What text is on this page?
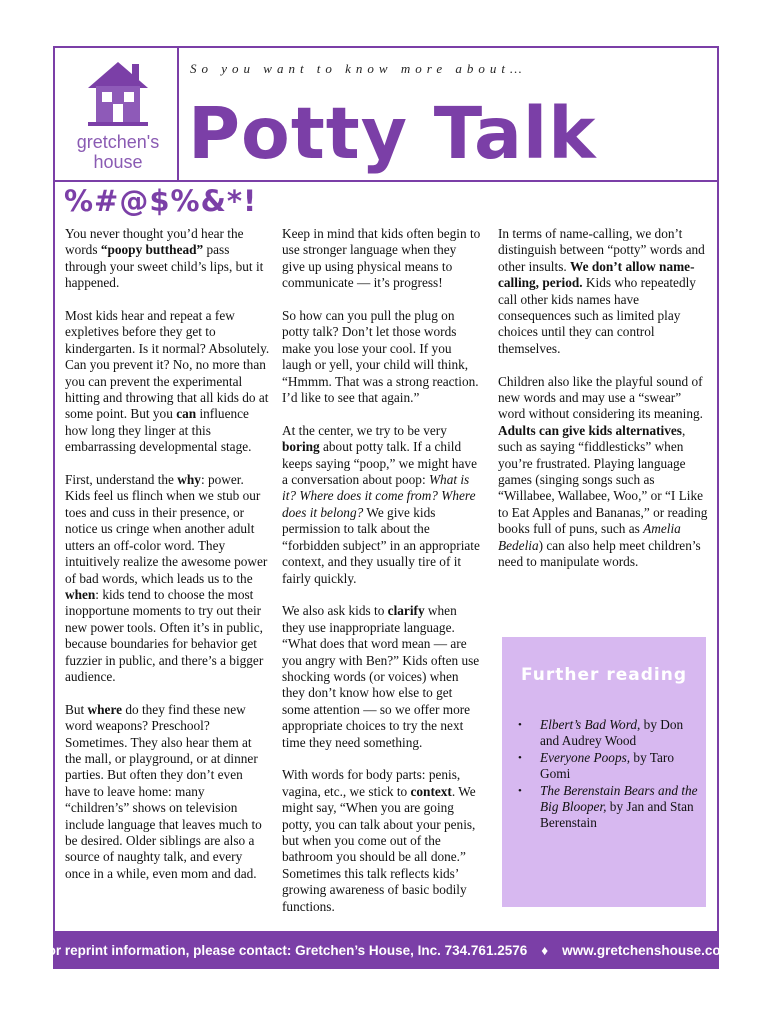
gretchen's
house
So you want to know more about…
Potty Talk
%#@$%&*!

You never thought you’d hear the words “poopy butthead” pass through your sweet child’s lips, but it happened.

Most kids hear and repeat a few expletives before they get to kindergarten. Is it normal? Absolutely. Can you prevent it? No, no more than you can prevent the experimental hitting and throwing that all kids do at some point. But you can influence how long they linger at this embarrassing developmental stage.

First, understand the why: power. Kids feel us flinch when we stub our toes and cuss in their presence, or notice us cringe when another adult utters an off-color word. They intuitively realize the awesome power of bad words, which leads us to the when: kids tend to choose the most inopportune moments to try out their new power tools. Often it’s in public, because boundaries for behavior get fuzzier in public, and there’s a bigger audience.

But where do they find these new word weapons? Preschool? Sometimes. They also hear them at the mall, or playground, or at dinner parties. But often they don’t even have to leave home: many “children’s” shows on television include language that leaves much to be desired. Older siblings are also a source of naughty talk, and every once in a while, even mom and dad.

Keep in mind that kids often begin to use stronger language when they give up using physical means to communicate — it’s progress!

So how can you pull the plug on potty talk? Don’t let those words make you lose your cool. If you laugh or yell, your child will think, “Hmmm. That was a strong reaction. I’d like to see that again.”

At the center, we try to be very boring about potty talk. If a child keeps saying “poop,” we might have a conversation about poop: What is it? Where does it come from? Where does it belong? We give kids permission to talk about the “forbidden subject” in an appropriate context, and they usually tire of it fairly quickly.

We also ask kids to clarify when they use inappropriate language. “What does that word mean — are you angry with Ben?” Kids often use shocking words (or voices) when they don’t know how else to get some attention — so we offer more appropriate choices to try the next time they need something.

With words for body parts: penis, vagina, etc., we stick to context. We might say, “When you are going potty, you can talk about your penis, but when you come out of the bathroom you should be all done.” Sometimes this talk reflects kids’ growing awareness of basic bodily functions.

In terms of name-calling, we don’t distinguish between “potty” words and other insults. We don’t allow name-calling, period. Kids who repeatedly call other kids names have consequences such as limited play choices until they can control themselves.

Children also like the playful sound of new words and may use a “swear” word without considering its meaning. Adults can give kids alternatives, such as saying “fiddlesticks” when you’re frustrated. Playing language games (singing songs such as “Willabee, Wallabee, Woo,” or “I Like to Eat Apples and Bananas,” or reading books full of puns, such as Amelia Bedelia) can also help meet children’s need to manipulate words.

Further reading
• Elbert’s Bad Word, by Don and Audrey Wood
• Everyone Poops, by Taro Gomi
• The Berenstain Bears and the Big Blooper, by Jan and Stan Berenstain
For reprint information, please contact: Gretchen’s House, Inc. 734.761.2576 ♦ www.gretchenshouse.com
